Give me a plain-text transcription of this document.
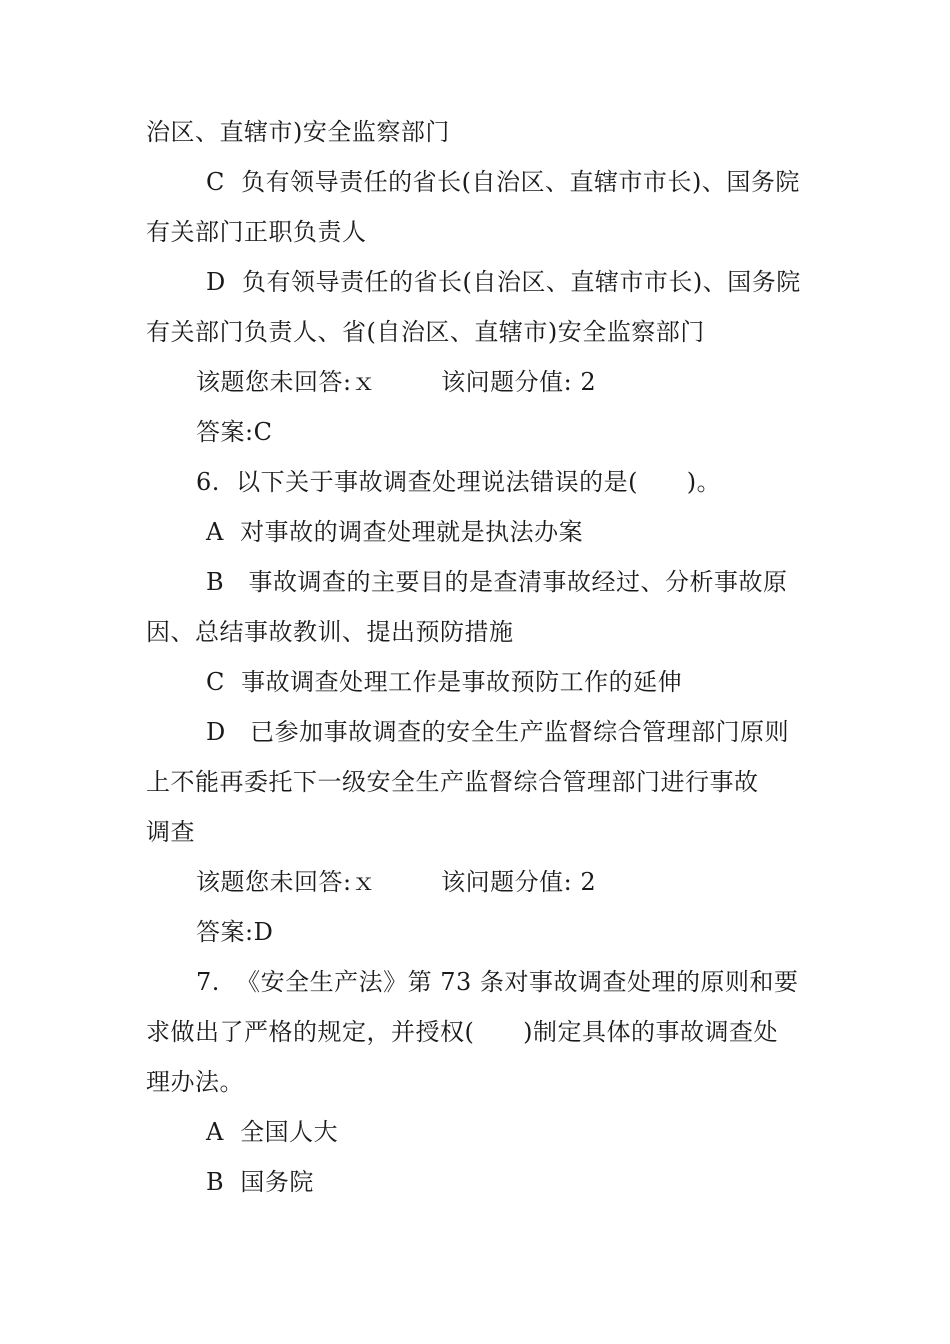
治区、直辖市)安全监察部门
C  负有领导责任的省长(自治区、直辖市市长)、国务院
有关部门正职负责人
D  负有领导责任的省长(自治区、直辖市市长)、国务院
有关部门负责人、省(自治区、直辖市)安全监察部门
该题您未回答:ｘ        该问题分值: 2
答案:C
6.  以下关于事故调查处理说法错误的是(      )。
A  对事故的调查处理就是执法办案
B   事故调查的主要目的是查清事故经过、分析事故原
因、总结事故教训、提出预防措施
C  事故调查处理工作是事故预防工作的延伸
D   已参加事故调查的安全生产监督综合管理部门原则
上不能再委托下一级安全生产监督综合管理部门进行事故
调查
该题您未回答:ｘ        该问题分值: 2
答案:D
7.  《安全生产法》第 73 条对事故调查处理的原则和要
求做出了严格的规定，并授权(      )制定具体的事故调查处
理办法。
A  全国人大
B  国务院
